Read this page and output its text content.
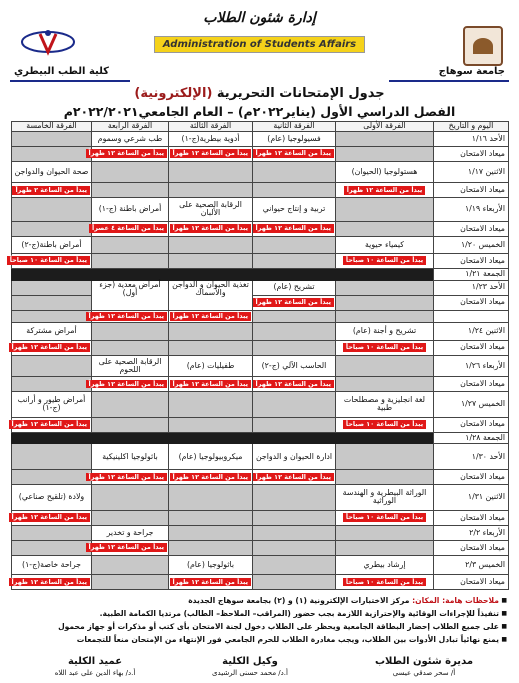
جامعة سوهاج
إدارة شئون الطلاب
Administration of Students Affairs
كلية الطب البيطري
جدول الإمتحانات التحريرية (الإلكترونية)
الفصل الدراسي الأول (يناير٢٠٢٢م) – العام الجامعي٢٠٢٢/٢٠٢١م
اليوم و التاريخ	الفرقة الأولى	الفرقة الثانية	الفرقة الثالثة	الفرقة الرابعة	الفرقة الخامسة
الأحد ١/١٦		فسيولوجيا (عام)	أدوية بيطرية(ج-١)	طب شرعي وسموم	
ميعاد الامتحان		يبدأ من الساعة ١٢ ظهراً	يبدأ من الساعة ١٢ ظهراً	يبدأ من الساعة ١٢ ظهراً	
الاثنين ١/١٧	هستولوجيا (الحيوان)				صحة الحيوان والدواجن
ميعاد الامتحان	يبدأ من الساعة ١٢ ظهراً				يبدأ من الساعة ٢ ظهراً
الأربعاء ١/١٩		تربية و إنتاج حيواني	الرقابة الصحية على الألبان	أمراض باطنة (ج-١)	
ميعاد الامتحان		يبدأ من الساعة ١٢ ظهراً	يبدأ من الساعة ١٢ ظهراً	يبدأ من الساعة ٤ عصراً	
الخميس ١/٢٠	كيمياء حيوية				أمراض باطنة(ج-٢)
ميعاد الامتحان	يبدأ من الساعة ١٠ صباحاً				يبدأ من الساعة ١٠ صباحاً
الجمعة ١/٢١					
الأحد ١/٢٣		تشريح (عام)	تغذية الحيوان و الدواجن والأسماك	أمراض معدية (جزء أول)	
ميعاد الامتحان		يبدأ من الساعة ١٢ ظهراً			
			يبدأ من الساعة ١٢ ظهراً	يبدأ من الساعة ١٢ ظهراً	
الاثنين ١/٢٤	تشريح و أجنة (عام)				أمراض مشتركة
ميعاد الامتحان	يبدأ من الساعة ١٠ صباحاً				يبدأ من الساعة ١٢ ظهراً
الأربعاء ١/٢٦		الحاسب الآلي (ج-٢)	طفيليات (عام)	الرقابة الصحية على اللحوم	
ميعاد الامتحان		يبدأ من الساعة ١٢ ظهراً	يبدأ من الساعة ١٢ ظهراً	يبدأ من الساعة ١٢ ظهراً	
الخميس ١/٢٧	لغة انجليزية و مصطلحات طبية				أمراض طيور و أرانب (ج-١)
ميعاد الامتحان	يبدأ من الساعة ١٠ صباحاً				يبدأ من الساعة ١٢ ظهراً
الجمعة ١/٢٨					
الأحد ١/٣٠		ادارة الحيوان و الدواجن	ميكروبيولوجيا (عام)	باثولوجيا اكلينيكية	
ميعاد الامتحان		يبدأ من الساعة ١٢ ظهراً	يبدأ من الساعة ١٢ ظهراً	يبدأ من الساعة ١٢ ظهراً	
الاثنين ١/٣١	الوراثة البيطرية و الهندسة الوراثية				ولادة (تلقيح صناعي)
ميعاد الامتحان	يبدأ من الساعة ١٠ صباحاً				يبدأ من الساعة ١٢ ظهراً
الأربعاء ٢/٢				جراحة و تخدير	
ميعاد الامتحان				يبدأ من الساعة ١٢ ظهراً	
الخميس ٢/٣	إرشاد بيطري		باثولوجيا (عام)		جراحة خاصة(ج-١)
ميعاد الامتحان	يبدأ من الساعة ١٠ صباحاً		يبدأ من الساعة ١٢ ظهراً		يبدأ من الساعة ١٢ ظهراً
■ ملاحظات هامة: المكان: مركز الاختبارات الإلكترونية (١) و (٢) بجامعة سوهاج الجديدة
■ تنفيذاً للإجراءات الوقائية والإحترازية اللازمة بجب حضور (المراقب– الملاحظ– الطالب) مرتديا الكمامة الطبية.
■ على جميع الطلاب إحضار البطاقة الجامعية ويحظر على الطلاب دخول لجنة الامتحان بأى كتب أو مذكرات أو جهاز محمول
■ يمنع نهائياً تبادل الأدوات بين الطلاب، ويجب مغادرة الطلاب للحرم الجامعي فور الإنتهاء من الإمتحان منعاً للتجمعات
مديرة شئون الطلاب
أ/ سحر صدقي عيسى
وكيل الكلية
أ.د/ محمد حسنى الرشيدى
عميد الكلية
أ.د/ بهاء الدين على عبد اللاه
